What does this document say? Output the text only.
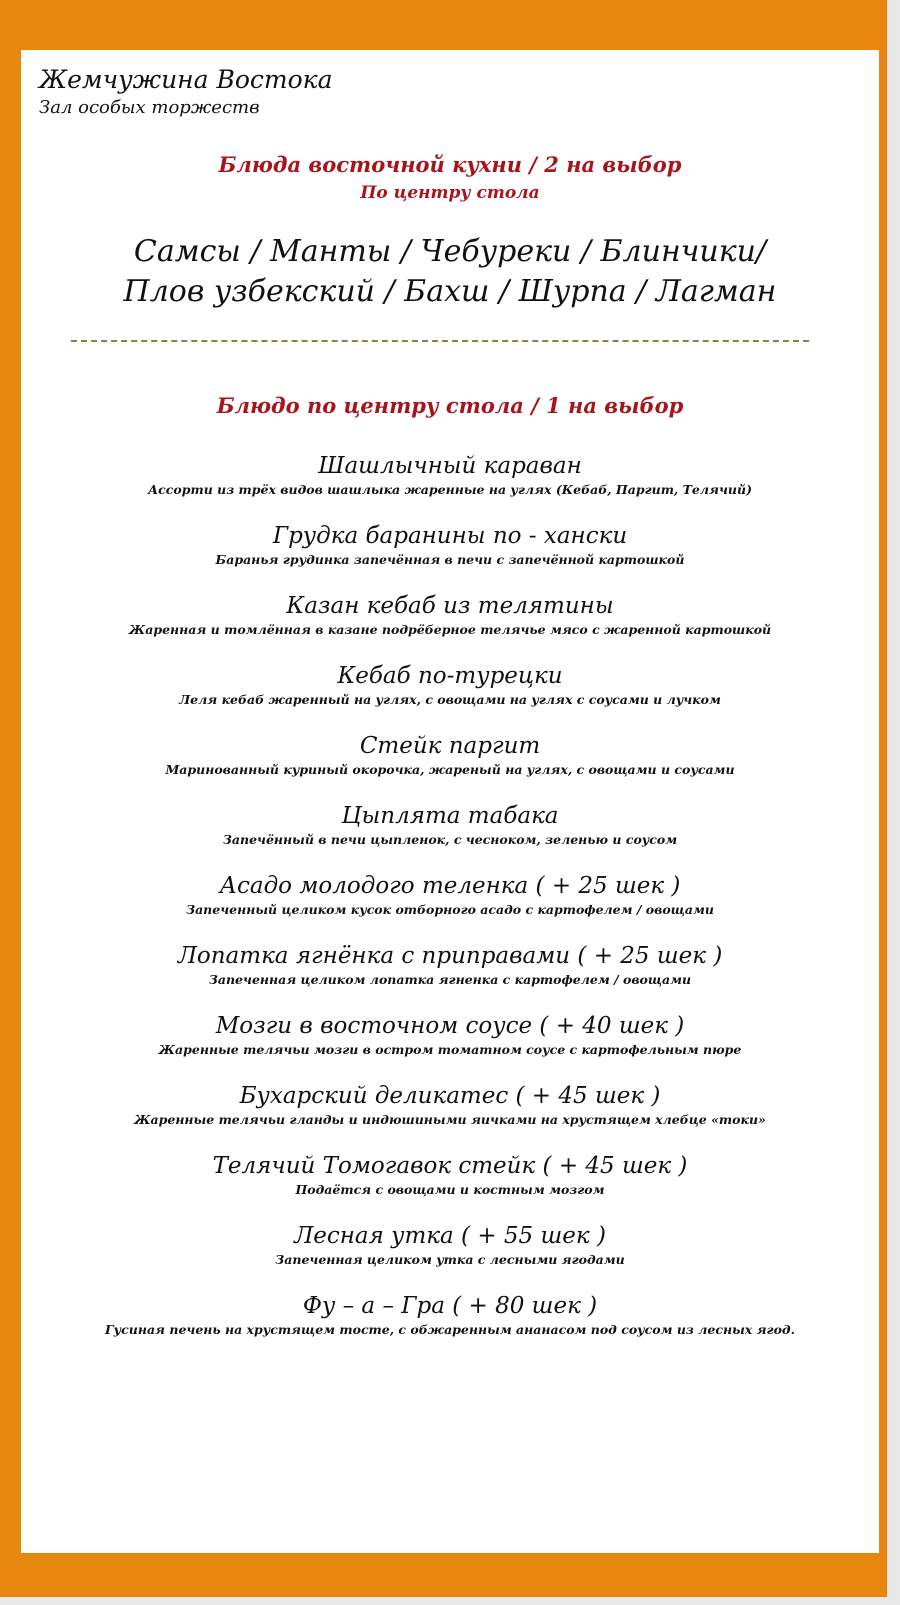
Жемчужина Востока
Зал особых торжеств
Блюда восточной кухни / 2 на выбор
По центру стола
Самсы / Манты / Чебуреки / Блинчики/
Плов узбекский / Бахш / Шурпа / Лагман
Блюдо по центру стола / 1 на выбор
Шашлычный караван
Ассорти из трёх видов шашлыка жаренные на углях (Кебаб, Паргит, Телячий)
Грудка баранины по - хански
Баранья грудинка запечённая в печи с запечённой картошкой
Казан кебаб из телятины
Жаренная и томлённая в казане подрёберное телячье мясо с жаренной картошкой
Кебаб по-турецки
Леля кебаб жаренный на углях, с овощами на углях с соусами и лучком
Стейк паргит
Маринованный куриный окорочка, жареный на углях, с овощами и соусами
Цыплята табака
Запечённый в печи цыпленок, с чесноком, зеленью и соусом
Асадо молодого теленка ( + 25 шек )
Запеченный целиком кусок отборного асадо с картофелем / овощами
Лопатка ягнёнка с приправами ( + 25 шек )
Запеченная целиком лопатка ягненка с картофелем / овощами
Мозги в восточном соусе ( + 40 шек )
Жаренные телячьи мозги в остром томатном соусе с картофельным пюре
Бухарский деликатес ( + 45 шек )
Жаренные телячьи гланды и индюшиными яичками на хрустящем хлебце «токи»
Телячий Томогавок стейк ( + 45 шек )
Подаётся с овощами и костным мозгом
Лесная утка ( + 55 шек )
Запеченная целиком утка с лесными ягодами
Фу – а – Гра ( + 80 шек )
Гусиная печень на хрустящем тосте, с обжаренным ананасом под соусом из лесных ягод.
